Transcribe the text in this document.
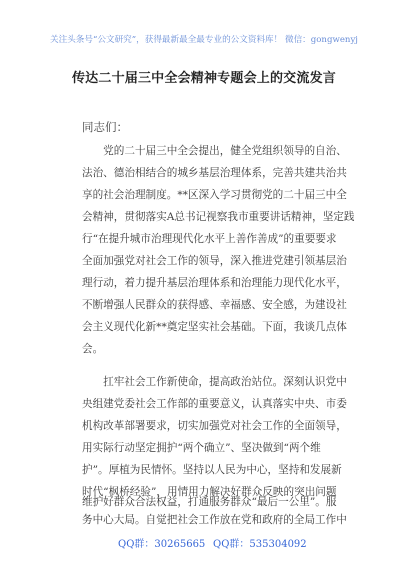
关注头条号“公文研究”，获得最新最全最专业的公文资料库！ 微信：gongwenyj
传达二十届三中全会精神专题会上的交流发言
同志们：
　　党的二十届三中全会提出，健全党组织领导的自治、
法治、德治相结合的城乡基层治理体系，完善共建共治共
享的社会治理制度。**区深入学习贯彻党的二十届三中全
会精神，贯彻落实A总书记视察我市重要讲话精神，坚定践
行“在提升城市治理现代化水平上善作善成”的重要要求
全面加强党对社会工作的领导，深入推进党建引领基层治
理行动，着力提升基层治理体系和治理能力现代化水平，
不断增强人民群众的获得感、幸福感、安全感，为建设社
会主义现代化新**奠定坚实社会基础。下面，我谈几点体
会。
　　扛牢社会工作新使命，提高政治站位。深刻认识党中
央组建党委社会工作部的重要意义，认真落实中央、市委
机构改革部署要求，切实加强党对社会工作的全面领导，
用实际行动坚定拥护“两个确立”、坚决做到“两个维
护”。厚植为民情怀。坚持以人民为中心，坚持和发展新
时代“枫桥经验”，用情用力解决好群众反映的突出问题
维护好群众合法权益，打通服务群众“最后一公里”。服
务中心大局。自觉把社会工作放在党和政府的全局工作中
QQ群：30265665 QQ群：535304092
